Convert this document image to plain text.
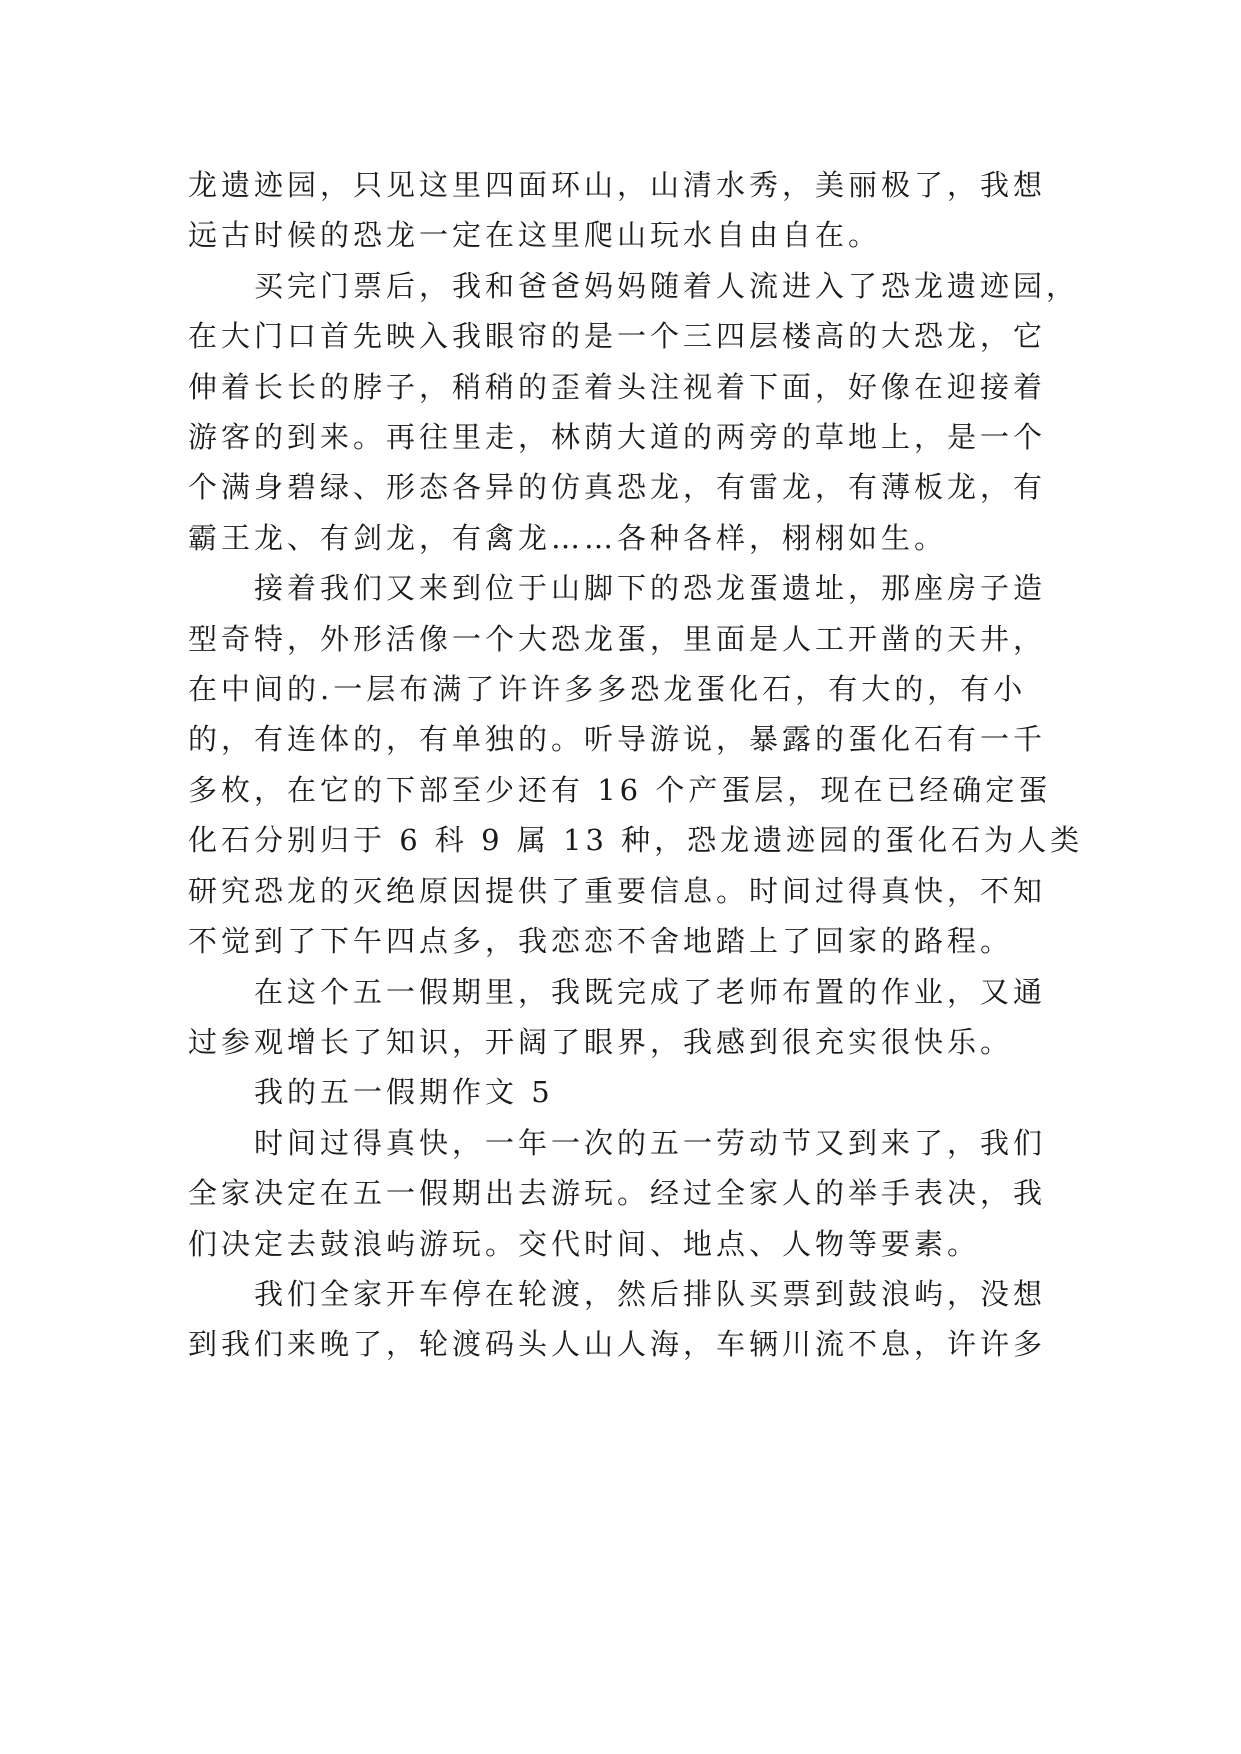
龙遗迹园，只见这里四面环山，山清水秀，美丽极了，我想
远古时候的恐龙一定在这里爬山玩水自由自在。
买完门票后，我和爸爸妈妈随着人流进入了恐龙遗迹园，
在大门口首先映入我眼帘的是一个三四层楼高的大恐龙，它
伸着长长的脖子，稍稍的歪着头注视着下面，好像在迎接着
游客的到来。再往里走，林荫大道的两旁的草地上，是一个
个满身碧绿、形态各异的仿真恐龙，有雷龙，有薄板龙，有
霸王龙、有剑龙，有禽龙……各种各样，栩栩如生。
接着我们又来到位于山脚下的恐龙蛋遗址，那座房子造
型奇特，外形活像一个大恐龙蛋，里面是人工开凿的天井，
在中间的.一层布满了许许多多恐龙蛋化石，有大的，有小
的，有连体的，有单独的。听导游说，暴露的蛋化石有一千
多枚，在它的下部至少还有 16 个产蛋层，现在已经确定蛋
化石分别归于 6 科 9 属 13 种，恐龙遗迹园的蛋化石为人类
研究恐龙的灭绝原因提供了重要信息。时间过得真快，不知
不觉到了下午四点多，我恋恋不舍地踏上了回家的路程。
在这个五一假期里，我既完成了老师布置的作业，又通
过参观增长了知识，开阔了眼界，我感到很充实很快乐。
我的五一假期作文 5
时间过得真快，一年一次的五一劳动节又到来了，我们
全家决定在五一假期出去游玩。经过全家人的举手表决，我
们决定去鼓浪屿游玩。交代时间、地点、人物等要素。
我们全家开车停在轮渡，然后排队买票到鼓浪屿，没想
到我们来晚了，轮渡码头人山人海，车辆川流不息，许许多
